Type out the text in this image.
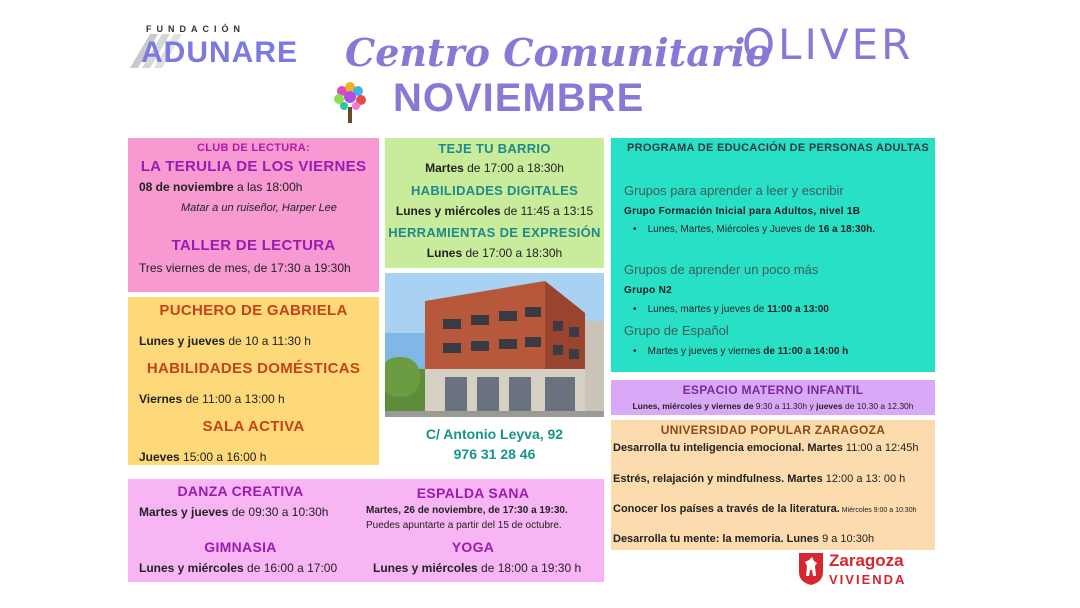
FUNDACIÓN
ADUNARE Centro Comunitario
OLIVER
NOVIEMBRE
CLUB DE LECTURA:
LA TERULIA DE LOS VIERNES
08 de noviembre a las 18:00h
Matar a un ruiseñor, Harper Lee
TALLER DE LECTURA
Tres viernes de mes, de 17:30 a 19:30h
TEJE TU BARRIO
Martes de 17:00 a 18:30h
HABILIDADES DIGITALES
Lunes y miércoles de 11:45 a 13:15
HERRAMIENTAS DE EXPRESIÓN
Lunes de 17:00 a 18:30h
PROGRAMA DE EDUCACIÓN DE PERSONAS ADULTAS
Grupos para aprender a leer y escribir
Grupo Formación Inicial para Adultos, nivel 1B
•    Lunes, Martes, Miércoles y Jueves de 16 a 18:30h.
Grupos de aprender un poco más
Grupo N2
•    Lunes, martes y jueves de 11:00 a 13:00
Grupo de Español
•    Martes y jueves y viernes de 11:00 a 14:00 h
PUCHERO DE GABRIELA
Lunes y jueves de 10 a 11:30 h
HABILIDADES DOMÉSTICAS
Viernes de 11:00 a 13:00 h
SALA ACTIVA
Jueves 15:00 a 16:00 h
C/ Antonio Leyva, 92
976 31 28 46
ESPACIO MATERNO INFANTIL
Lunes, miércoles y viernes de 9:30 a 11.30h y jueves de 10.30 a 12.30h
UNIVERSIDAD POPULAR ZARAGOZA
Desarrolla tu inteligencia emocional. Martes 11:00 a 12:45h
Estrés, relajación y mindfulness. Martes 12:00 a 13: 00 h
Conocer los países a través de la literatura. Miércoles 9:00 a 10:30h
Desarrolla tu mente: la memoria. Lunes 9 a 10:30h
DANZA CREATIVA
Martes y jueves de 09:30 a 10:30h
GIMNASIA
Lunes y miércoles de 16:00 a 17:00
ESPALDA SANA
Martes, 26 de noviembre, de 17:30 a 19:30.
Puedes apuntarte a partir del 15 de octubre.
YOGA
Lunes y miércoles de 18:00 a 19:30 h	Zaragoza
VIVIENDA
